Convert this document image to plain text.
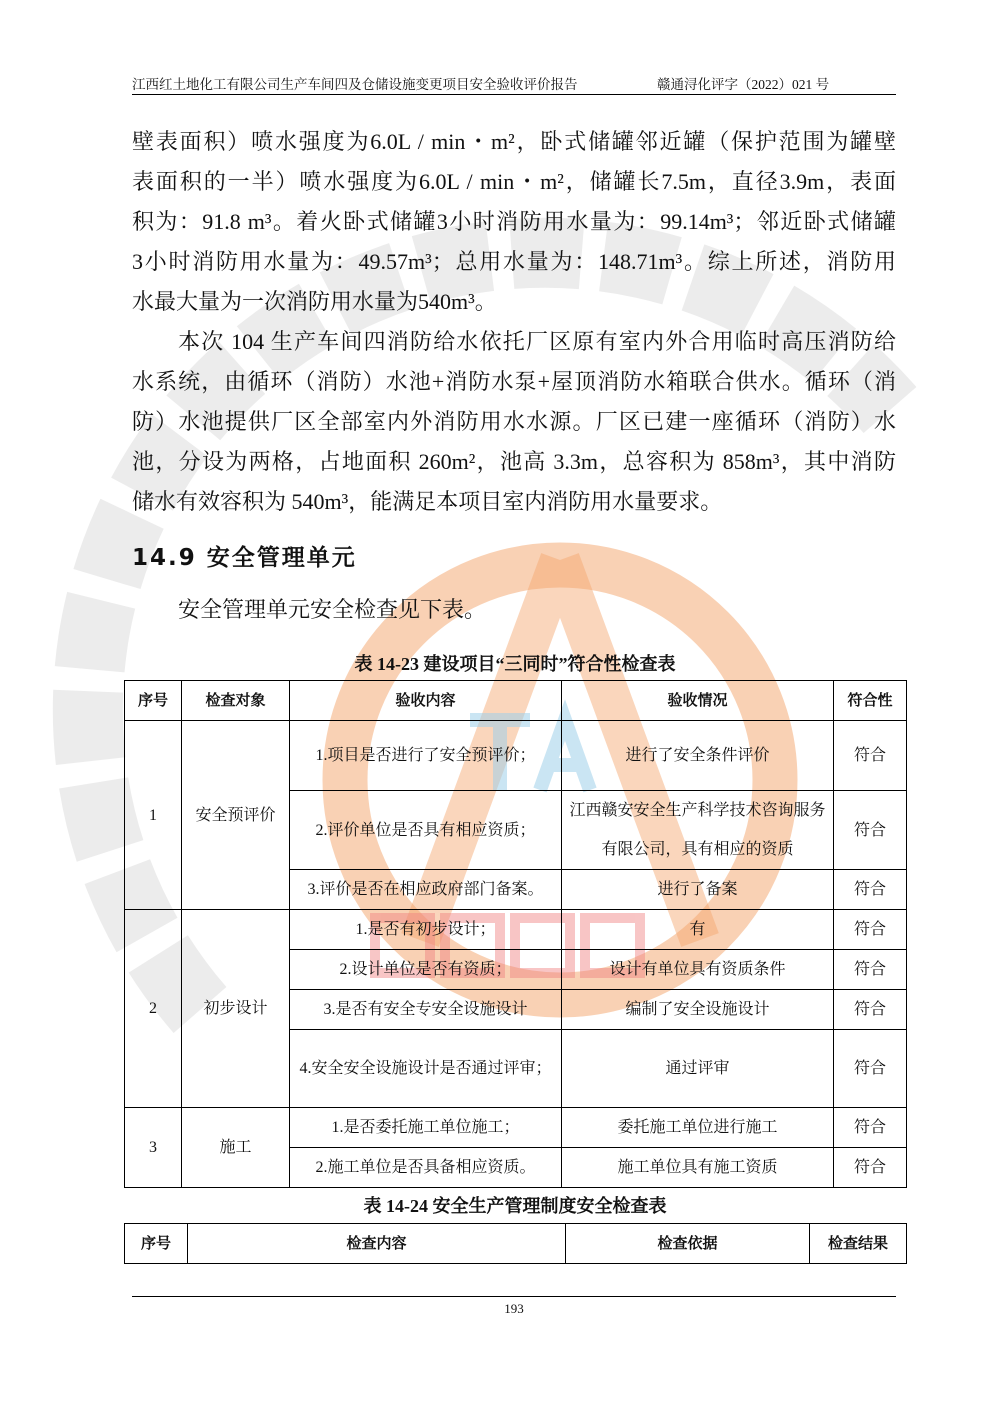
江西红土地化工有限公司生产车间四及仓储设施变更项目安全验收评价报告	赣通浔化评字（2022）021 号
壁表面积）喷水强度为6.0L / min・m²，卧式储罐邻近罐（保护范围为罐壁
表面积的一半）喷水强度为6.0L / min・m²，储罐长7.5m，直径3.9m，表面
积为：91.8 m³。着火卧式储罐3小时消防用水量为：99.14m³；邻近卧式储罐
3小时消防用水量为：49.57m³；总用水量为：148.71m³。综上所述，消防用
水最大量为一次消防用水量为540m³。
本次 104 生产车间四消防给水依托厂区原有室内外合用临时高压消防给
水系统，由循环（消防）水池+消防水泵+屋顶消防水箱联合供水。循环（消
防）水池提供厂区全部室内外消防用水水源。厂区已建一座循环（消防）水
池，分设为两格，占地面积 260m²，池高 3.3m，总容积为 858m³，其中消防
储水有效容积为 540m³，能满足本项目室内消防用水量要求。
14.9 安全管理单元
安全管理单元安全检查见下表。
表 14-23 建设项目“三同时”符合性检查表
序号	检查对象	验收内容	验收情况	符合性
1	安全预评价	1.项目是否进行了安全预评价；	进行了安全条件评价	符合
		2.评价单位是否具有相应资质；	江西赣安安全生产科学技术咨询服务有限公司，具有相应的资质	符合
		3.评价是否在相应政府部门备案。	进行了备案	符合
2	初步设计	1.是否有初步设计；	有	符合
		2.设计单位是否有资质；	设计有单位具有资质条件	符合
		3.是否有安全专安全设施设计	编制了安全设施设计	符合
		4.安全安全设施设计是否通过评审；	通过评审	符合
3	施工	1.是否委托施工单位施工；	委托施工单位进行施工	符合
		2.施工单位是否具备相应资质。	施工单位具有施工资质	符合
表 14-24 安全生产管理制度安全检查表
序号	检查内容	检查依据	检查结果
193
